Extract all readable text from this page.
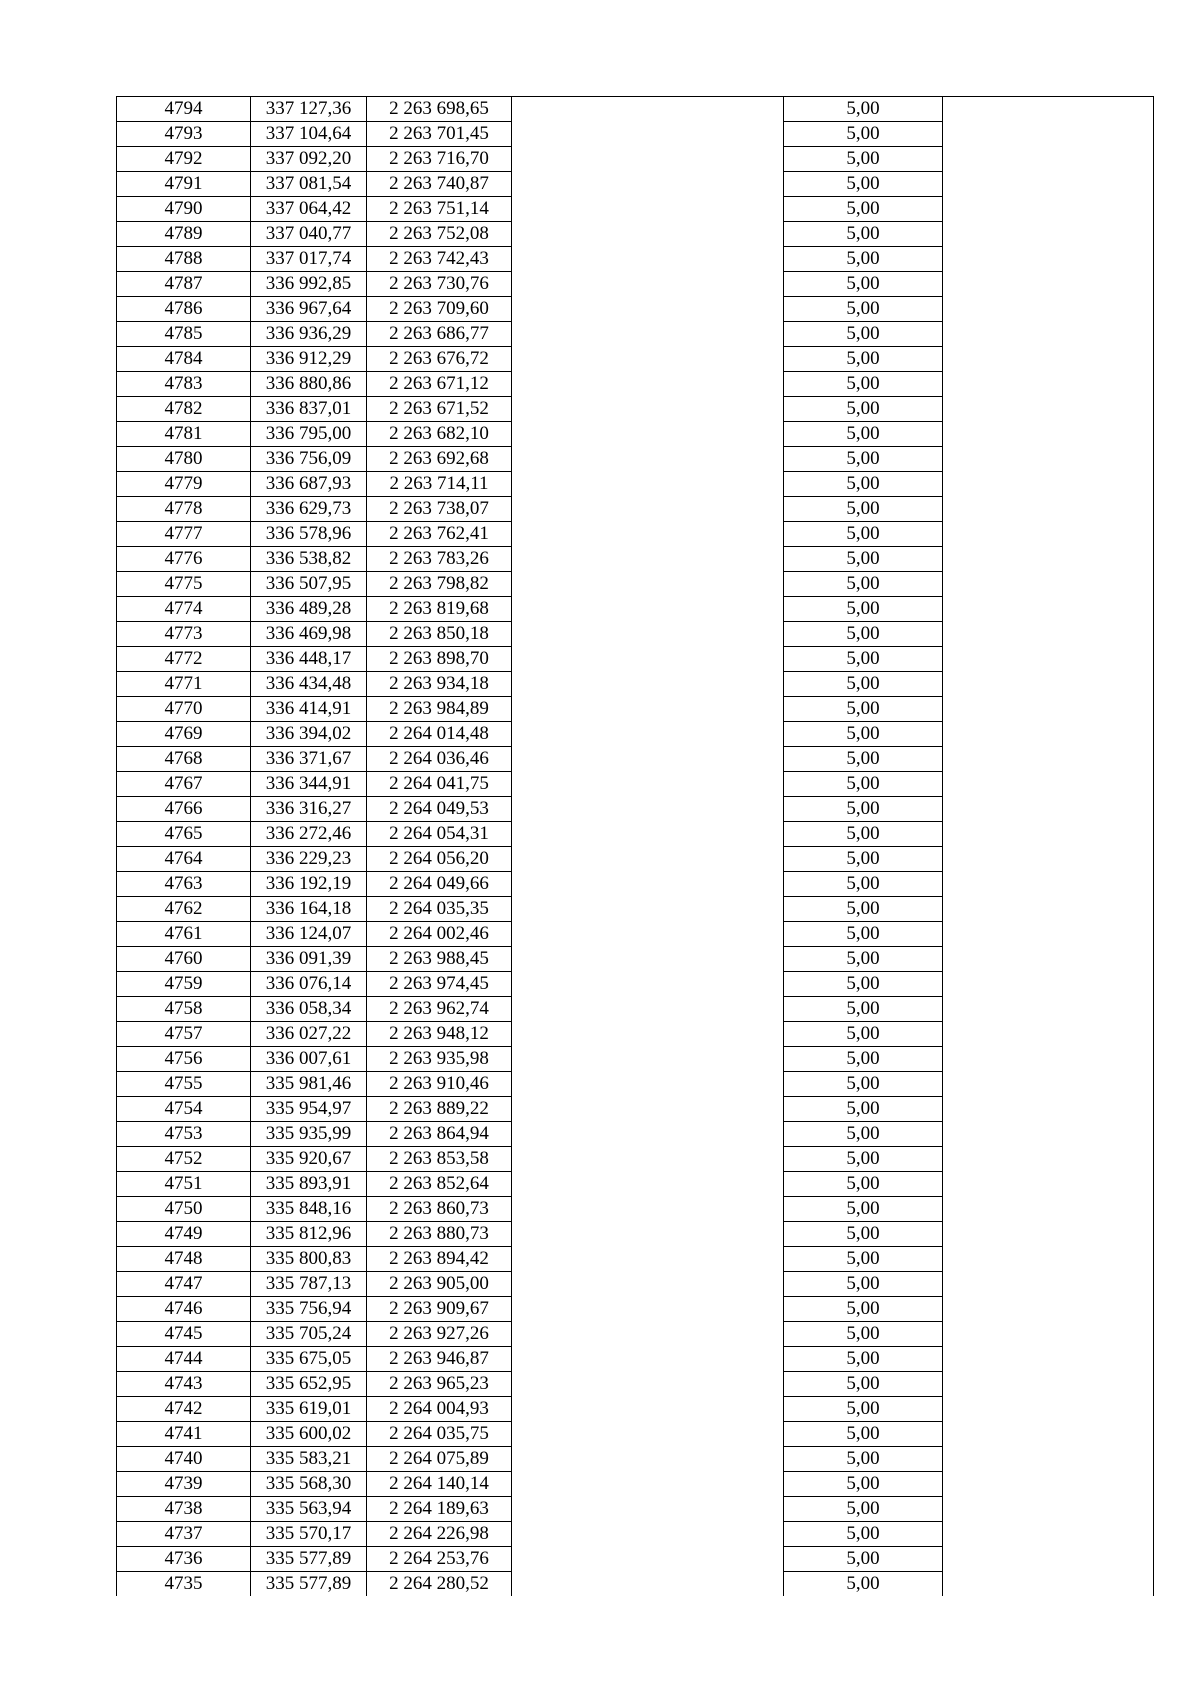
4794	337 127,36	2 263 698,65		5,00	
4793	337 104,64	2 263 701,45		5,00	
4792	337 092,20	2 263 716,70		5,00	
4791	337 081,54	2 263 740,87		5,00	
4790	337 064,42	2 263 751,14		5,00	
4789	337 040,77	2 263 752,08		5,00	
4788	337 017,74	2 263 742,43		5,00	
4787	336 992,85	2 263 730,76		5,00	
4786	336 967,64	2 263 709,60		5,00	
4785	336 936,29	2 263 686,77		5,00	
4784	336 912,29	2 263 676,72		5,00	
4783	336 880,86	2 263 671,12		5,00	
4782	336 837,01	2 263 671,52		5,00	
4781	336 795,00	2 263 682,10		5,00	
4780	336 756,09	2 263 692,68		5,00	
4779	336 687,93	2 263 714,11		5,00	
4778	336 629,73	2 263 738,07		5,00	
4777	336 578,96	2 263 762,41		5,00	
4776	336 538,82	2 263 783,26		5,00	
4775	336 507,95	2 263 798,82		5,00	
4774	336 489,28	2 263 819,68		5,00	
4773	336 469,98	2 263 850,18		5,00	
4772	336 448,17	2 263 898,70		5,00	
4771	336 434,48	2 263 934,18		5,00	
4770	336 414,91	2 263 984,89		5,00	
4769	336 394,02	2 264 014,48		5,00	
4768	336 371,67	2 264 036,46		5,00	
4767	336 344,91	2 264 041,75		5,00	
4766	336 316,27	2 264 049,53		5,00	
4765	336 272,46	2 264 054,31		5,00	
4764	336 229,23	2 264 056,20		5,00	
4763	336 192,19	2 264 049,66		5,00	
4762	336 164,18	2 264 035,35		5,00	
4761	336 124,07	2 264 002,46		5,00	
4760	336 091,39	2 263 988,45		5,00	
4759	336 076,14	2 263 974,45		5,00	
4758	336 058,34	2 263 962,74		5,00	
4757	336 027,22	2 263 948,12		5,00	
4756	336 007,61	2 263 935,98		5,00	
4755	335 981,46	2 263 910,46		5,00	
4754	335 954,97	2 263 889,22		5,00	
4753	335 935,99	2 263 864,94		5,00	
4752	335 920,67	2 263 853,58		5,00	
4751	335 893,91	2 263 852,64		5,00	
4750	335 848,16	2 263 860,73		5,00	
4749	335 812,96	2 263 880,73		5,00	
4748	335 800,83	2 263 894,42		5,00	
4747	335 787,13	2 263 905,00		5,00	
4746	335 756,94	2 263 909,67		5,00	
4745	335 705,24	2 263 927,26		5,00	
4744	335 675,05	2 263 946,87		5,00	
4743	335 652,95	2 263 965,23		5,00	
4742	335 619,01	2 264 004,93		5,00	
4741	335 600,02	2 264 035,75		5,00	
4740	335 583,21	2 264 075,89		5,00	
4739	335 568,30	2 264 140,14		5,00	
4738	335 563,94	2 264 189,63		5,00	
4737	335 570,17	2 264 226,98		5,00	
4736	335 577,89	2 264 253,76		5,00	
4735	335 577,89	2 264 280,52		5,00	
